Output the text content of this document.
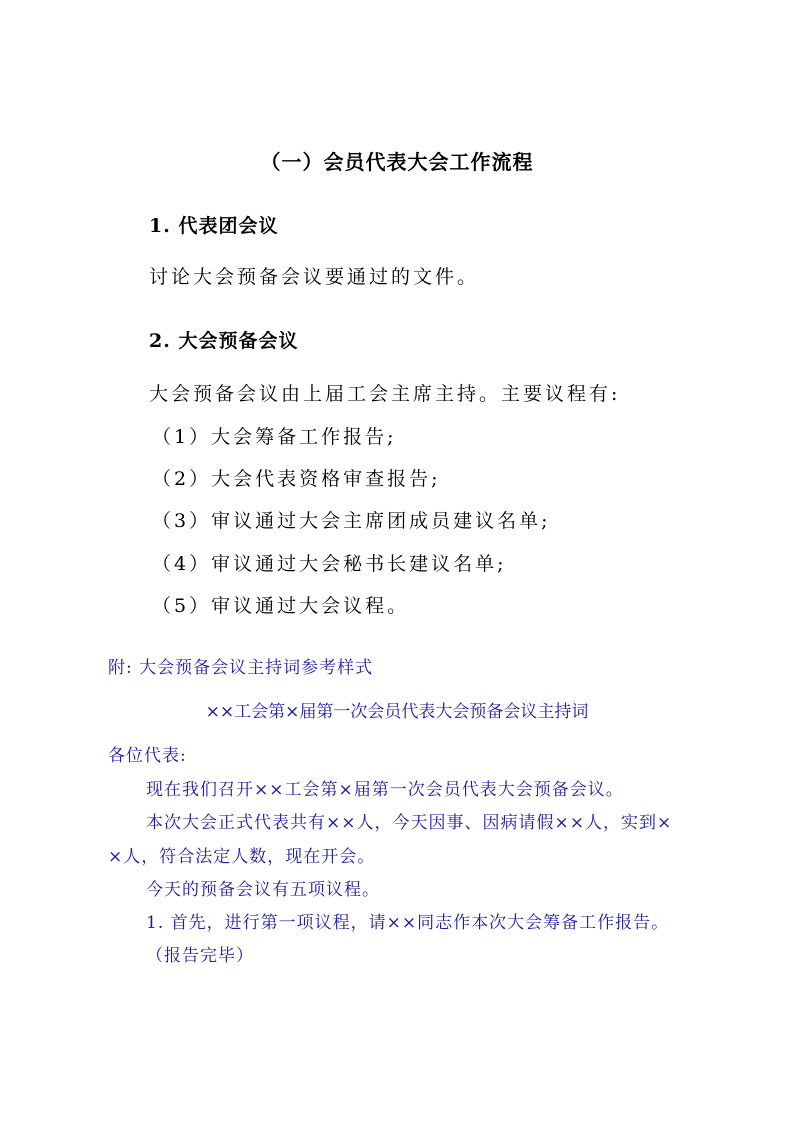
（一）会员代表大会工作流程
1. 代表团会议
讨论大会预备会议要通过的文件。
2. 大会预备会议
大会预备会议由上届工会主席主持。主要议程有:
（1）大会筹备工作报告;
（2）大会代表资格审查报告;
（3）审议通过大会主席团成员建议名单;
（4）审议通过大会秘书长建议名单;
（5）审议通过大会议程。
附: 大会预备会议主持词参考样式
××工会第×届第一次会员代表大会预备会议主持词
各位代表:
现在我们召开××工会第×届第一次会员代表大会预备会议。
本次大会正式代表共有××人，今天因事、因病请假××人，实到×
×人，符合法定人数，现在开会。
今天的预备会议有五项议程。
1. 首先，进行第一项议程，请××同志作本次大会筹备工作报告。
（报告完毕）
